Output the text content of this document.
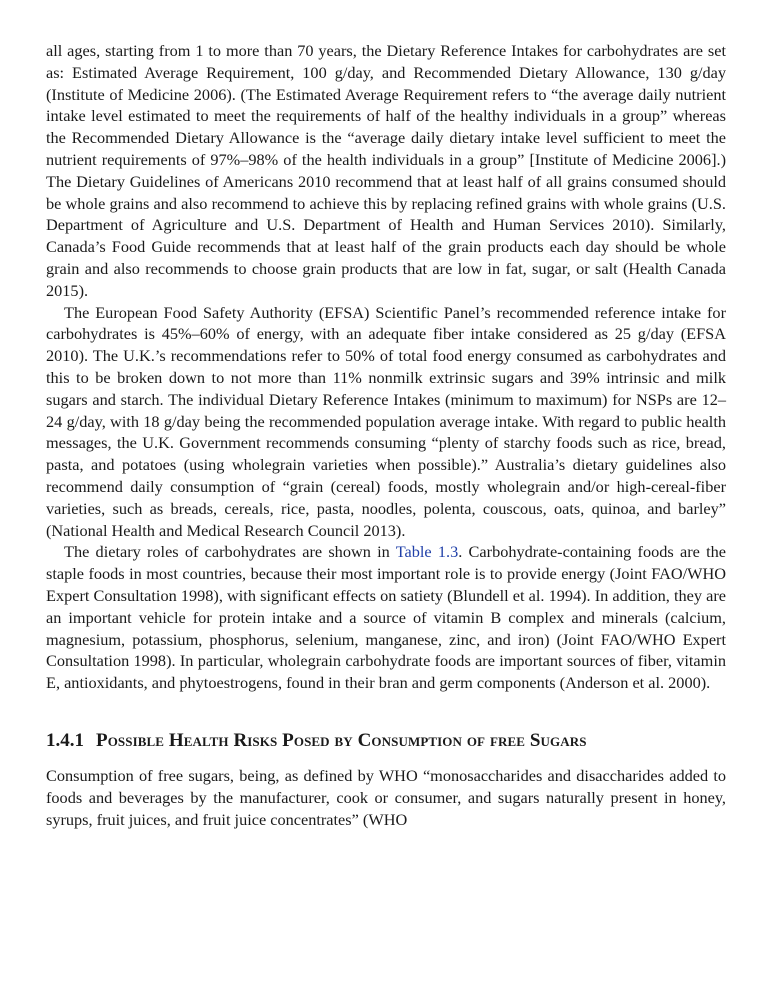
all ages, starting from 1 to more than 70 years, the Dietary Reference Intakes for carbohydrates are set as: Estimated Average Requirement, 100 g/day, and Recommended Dietary Allowance, 130 g/day (Institute of Medicine 2006). (The Estimated Average Requirement refers to “the average daily nutrient intake level estimated to meet the requirements of half of the healthy individuals in a group” whereas the Recommended Dietary Allowance is the “average daily dietary intake level sufficient to meet the nutrient requirements of 97%–98% of the health individuals in a group” [Institute of Medicine 2006].) The Dietary Guidelines of Americans 2010 recommend that at least half of all grains consumed should be whole grains and also recommend to achieve this by replacing refined grains with whole grains (U.S. Department of Agriculture and U.S. Department of Health and Human Services 2010). Similarly, Canada’s Food Guide recommends that at least half of the grain products each day should be whole grain and also recommends to choose grain products that are low in fat, sugar, or salt (Health Canada 2015).

The European Food Safety Authority (EFSA) Scientific Panel’s recommended reference intake for carbohydrates is 45%–60% of energy, with an adequate fiber intake considered as 25 g/day (EFSA 2010). The U.K.’s recommendations refer to 50% of total food energy consumed as carbohydrates and this to be broken down to not more than 11% nonmilk extrinsic sugars and 39% intrinsic and milk sugars and starch. The individual Dietary Reference Intakes (minimum to maximum) for NSPs are 12–24 g/day, with 18 g/day being the recommended population average intake. With regard to public health messages, the U.K. Government recommends consuming “plenty of starchy foods such as rice, bread, pasta, and potatoes (using wholegrain varieties when possible).” Australia’s dietary guidelines also recommend daily consumption of “grain (cereal) foods, mostly wholegrain and/or high-cereal-fiber varieties, such as breads, cereals, rice, pasta, noodles, polenta, couscous, oats, quinoa, and barley” (National Health and Medical Research Council 2013).

The dietary roles of carbohydrates are shown in Table 1.3. Carbohydrate-containing foods are the staple foods in most countries, because their most important role is to provide energy (Joint FAO/WHO Expert Consultation 1998), with significant effects on satiety (Blundell et al. 1994). In addition, they are an important vehicle for protein intake and a source of vitamin B complex and minerals (calcium, magnesium, potassium, phosphorus, selenium, manganese, zinc, and iron) (Joint FAO/WHO Expert Consultation 1998). In particular, wholegrain carbohydrate foods are important sources of fiber, vitamin E, antioxidants, and phytoestrogens, found in their bran and germ components (Anderson et al. 2000).

1.4.1 Possible Health Risks Posed by Consumption of free Sugars

Consumption of free sugars, being, as defined by WHO “monosaccharides and disaccharides added to foods and beverages by the manufacturer, cook or consumer, and sugars naturally present in honey, syrups, fruit juices, and fruit juice concentrates” (WHO
